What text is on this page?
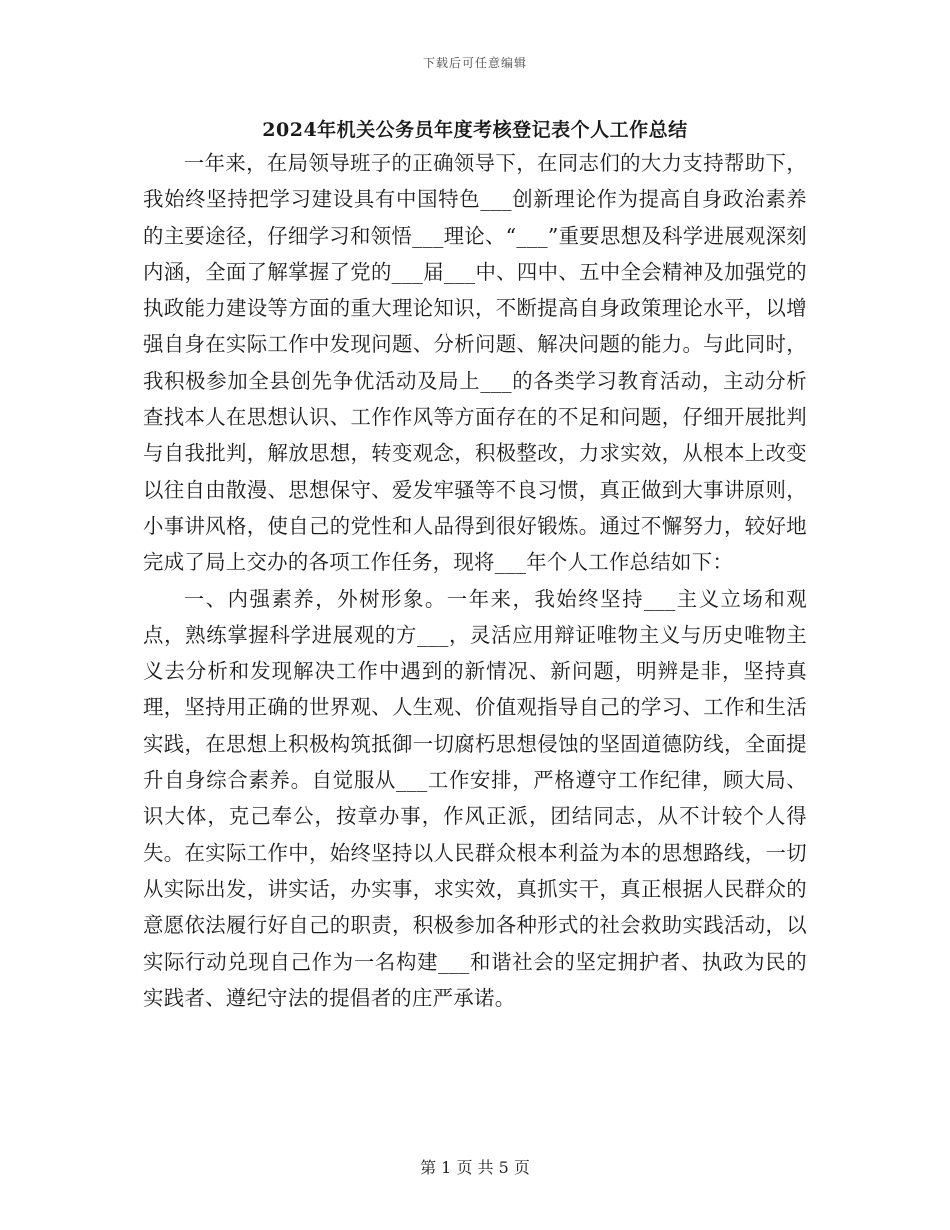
下载后可任意编辑
2024年机关公务员年度考核登记表个人工作总结

一年来，在局领导班子的正确领导下，在同志们的大力支持帮助下，我始终坚持把学习建设具有中国特色___创新理论作为提高自身政治素养的主要途径，仔细学习和领悟___理论、“___”重要思想及科学进展观深刻内涵，全面了解掌握了党的___届___中、四中、五中全会精神及加强党的执政能力建设等方面的重大理论知识，不断提高自身政策理论水平，以增强自身在实际工作中发现问题、分析问题、解决问题的能力。与此同时，我积极参加全县创先争优活动及局上___的各类学习教育活动，主动分析查找本人在思想认识、工作作风等方面存在的不足和问题，仔细开展批判与自我批判，解放思想，转变观念，积极整改，力求实效，从根本上改变以往自由散漫、思想保守、爱发牢骚等不良习惯，真正做到大事讲原则，小事讲风格，使自己的党性和人品得到很好锻炼。通过不懈努力，较好地完成了局上交办的各项工作任务，现将___年个人工作总结如下：

一、内强素养，外树形象。一年来，我始终坚持___主义立场和观点，熟练掌握科学进展观的方___，灵活应用辩证唯物主义与历史唯物主义去分析和发现解决工作中遇到的新情况、新问题，明辨是非，坚持真理，坚持用正确的世界观、人生观、价值观指导自己的学习、工作和生活实践，在思想上积极构筑抵御一切腐朽思想侵蚀的坚固道德防线，全面提升自身综合素养。自觉服从___工作安排，严格遵守工作纪律，顾大局、识大体，克己奉公，按章办事，作风正派，团结同志，从不计较个人得失。在实际工作中，始终坚持以人民群众根本利益为本的思想路线，一切从实际出发，讲实话，办实事，求实效，真抓实干，真正根据人民群众的意愿依法履行好自己的职责，积极参加各种形式的社会救助实践活动，以实际行动兑现自己作为一名构建___和谐社会的坚定拥护者、执政为民的实践者、遵纪守法的提倡者的庄严承诺。

第 1 页 共 5 页
